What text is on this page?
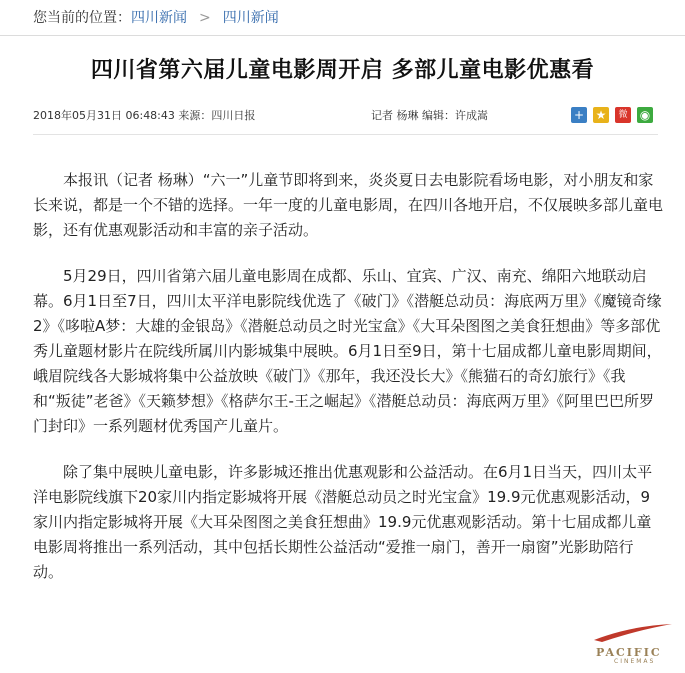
您当前的位置：四川新闻 > 四川新闻
四川省第六届儿童电影周开启 多部儿童电影优惠看
2018年05月31日 06:48:43 来源：四川日报	记者 杨琳 编辑：许成嵩	+ ★	微 ◉

本报讯（记者 杨琳）“六一”儿童节即将到来，炎炎夏日去电影院看场电影，对小朋友和家长来说，都是一个不错的选择。一年一度的儿童电影周，在四川各地开启，不仅展映多部儿童电影，还有优惠观影活动和丰富的亲子活动。

5月29日，四川省第六届儿童电影周在成都、乐山、宜宾、广汉、南充、绵阳六地联动启幕。6月1日至7日，四川太平洋电影院线优选了《破门》《潜艇总动员：海底两万里》《魔镜奇缘2》《哆啦A梦：大雄的金银岛》《潜艇总动员之时光宝盒》《大耳朵图图之美食狂想曲》等多部优秀儿童题材影片在院线所属川内影城集中展映。6月1日至9日，第十七届成都儿童电影周期间，峨眉院线各大影城将集中公益放映《破门》《那年，我还没长大》《熊猫石的奇幻旅行》《我和“叛徒”老爸》《天籁梦想》《格萨尔王-王之崛起》《潜艇总动员：海底两万里》《阿里巴巴所罗门封印》一系列题材优秀国产儿童片。

除了集中展映儿童电影，许多影城还推出优惠观影和公益活动。在6月1日当天，四川太平洋电影院线旗下20家川内指定影城将开展《潜艇总动员之时光宝盒》19.9元优惠观影活动，9家川内指定影城将开展《大耳朵图图之美食狂想曲》19.9元优惠观影活动。第十七届成都儿童电影周将推出一系列活动，其中包括长期性公益活动“爱推一扇门，善开一扇窗”光影助陪行动。

PACIFIC
CINEMAS
